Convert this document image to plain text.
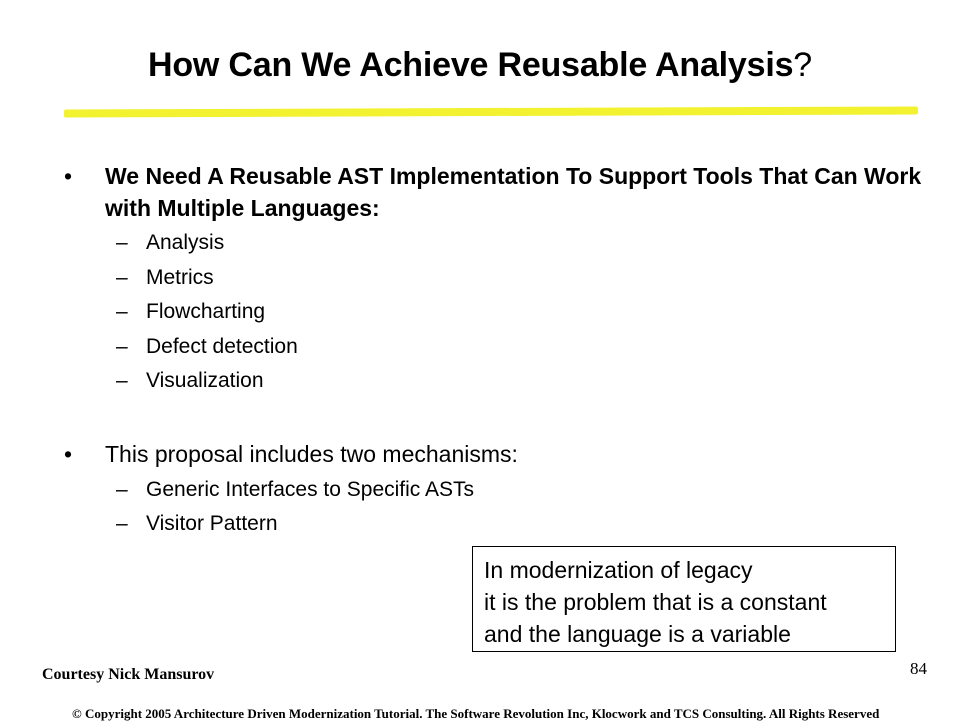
How Can We Achieve Reusable Analysis?
•	We Need A Reusable AST Implementation To Support Tools That Can Work with Multiple Languages:
– Analysis
– Metrics
– Flowcharting
– Defect detection
– Visualization
•	This proposal includes two mechanisms:
– Generic Interfaces to Specific ASTs
– Visitor Pattern
In modernization of legacy
it is the problem that is a constant
and the language is a variable
Courtesy Nick Mansurov	84
© Copyright 2005 Architecture Driven Modernization Tutorial. The Software Revolution Inc, Klocwork and TCS Consulting. All Rights Reserved
